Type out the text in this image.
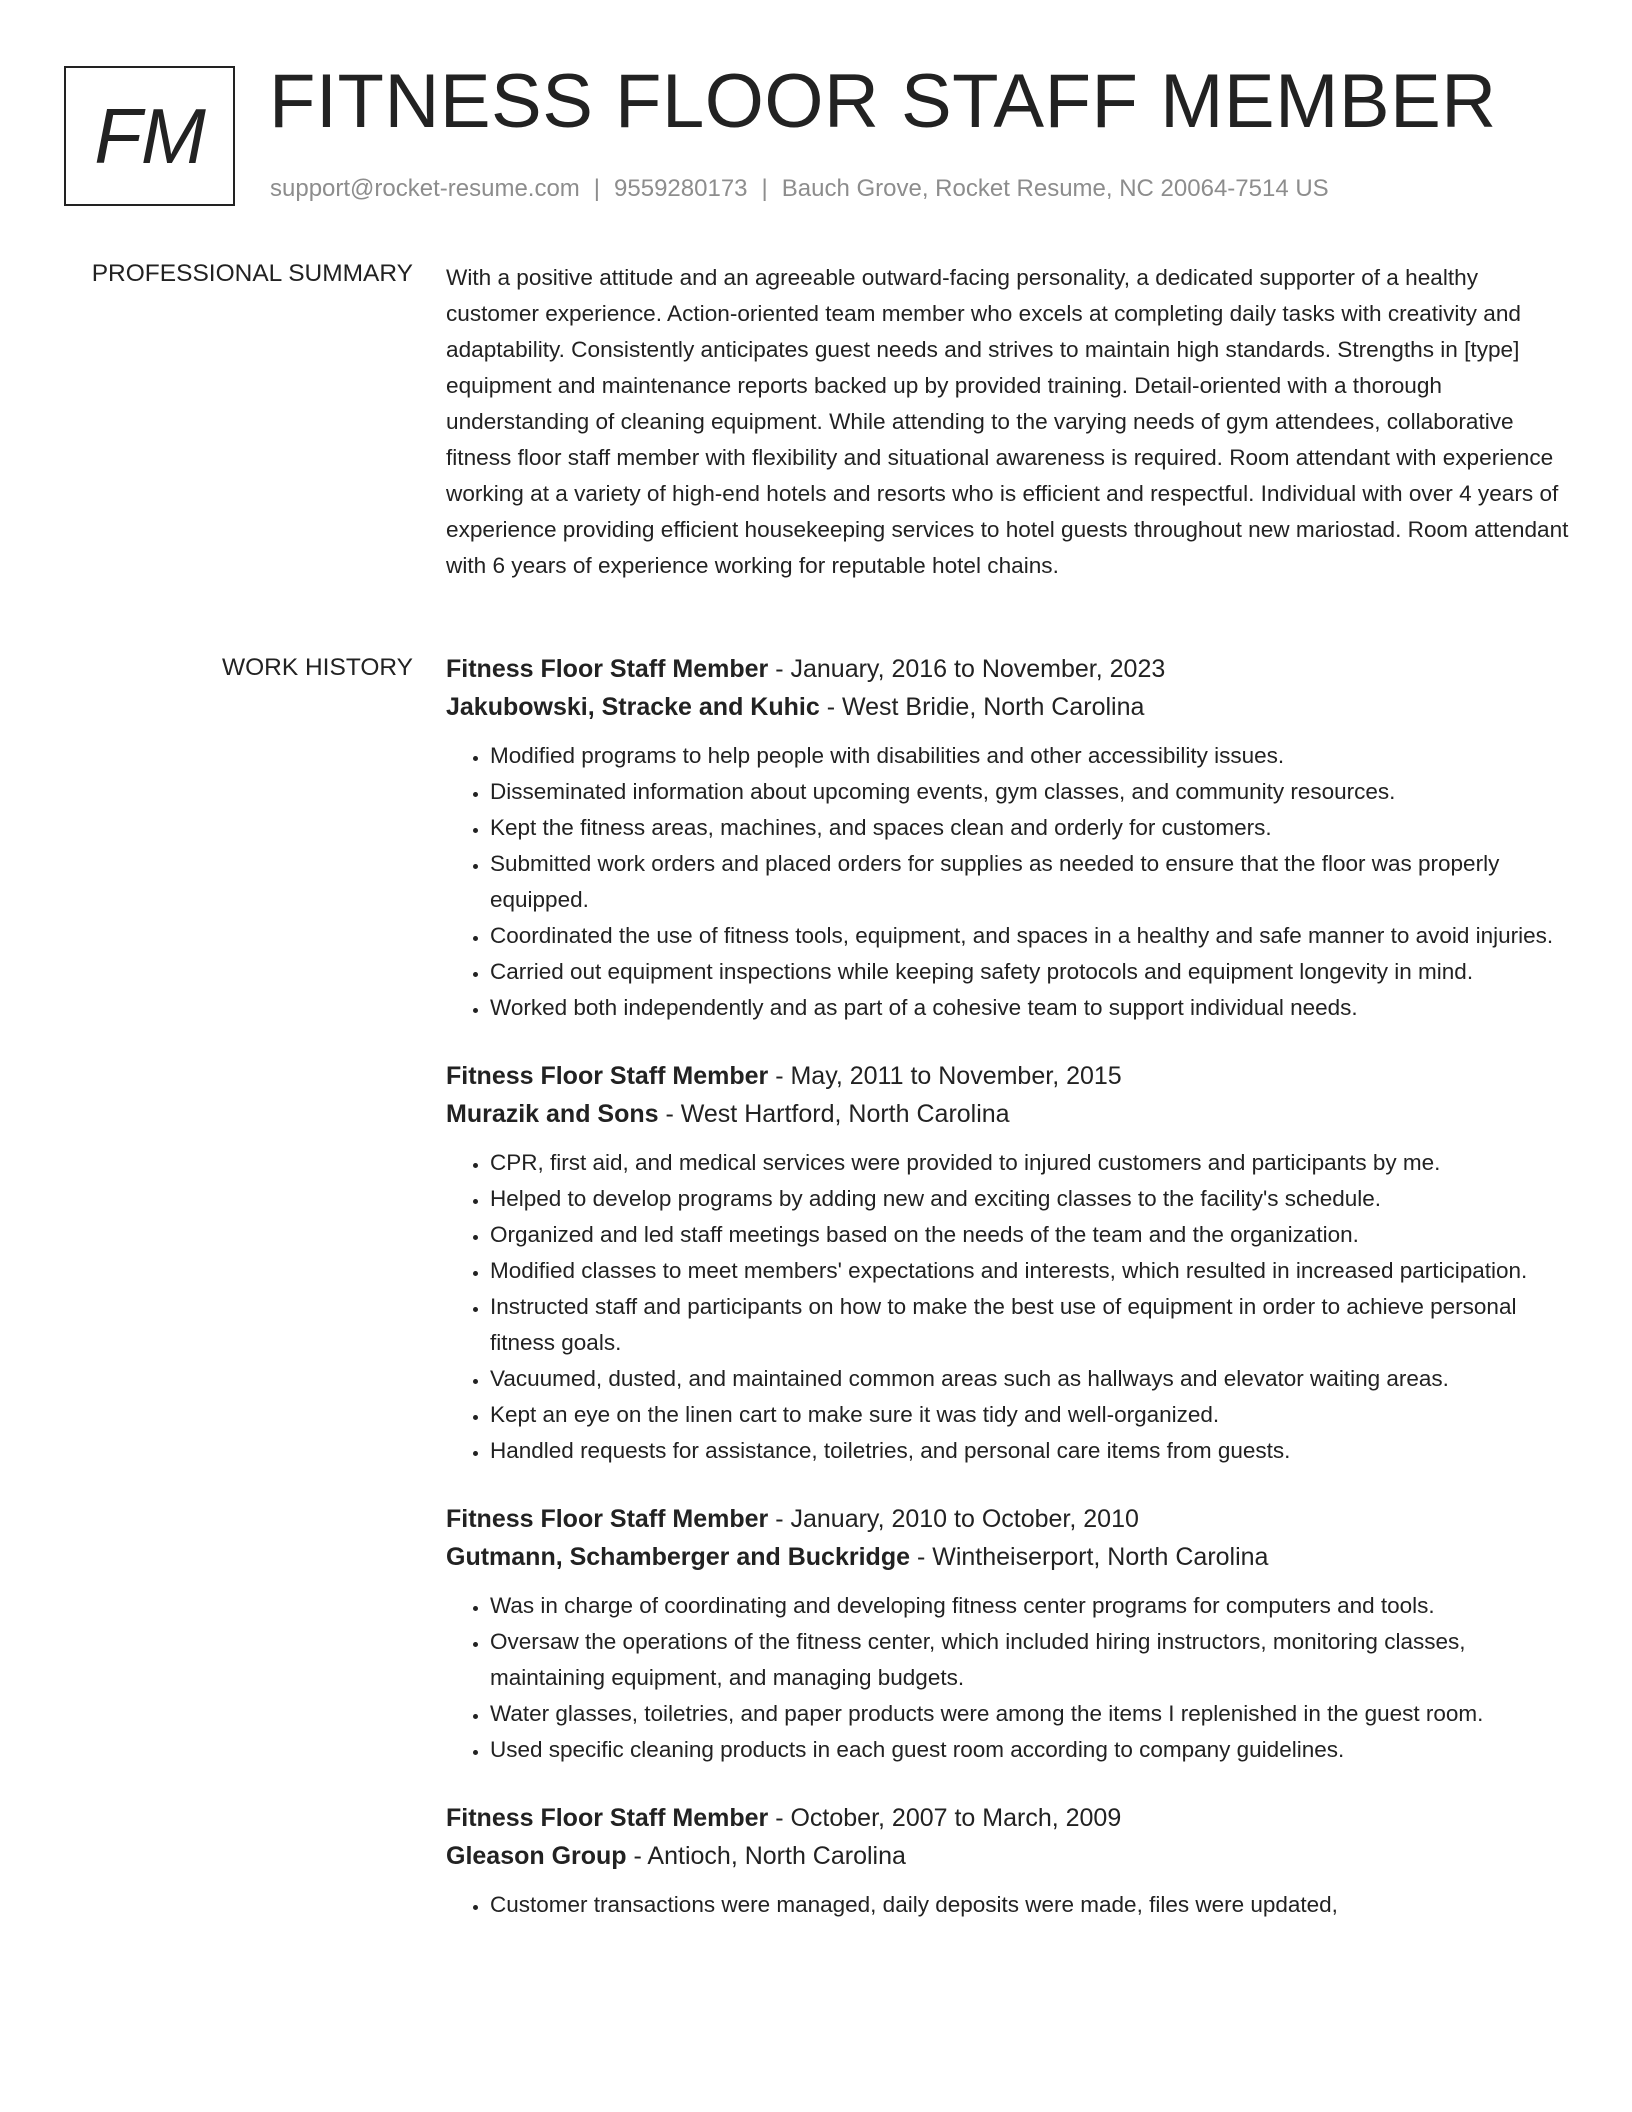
FM FITNESS FLOOR STAFF MEMBER
support@rocket-resume.com | 9559280173 | Bauch Grove, Rocket Resume, NC 20064-7514 US
PROFESSIONAL SUMMARY With a positive attitude and an agreeable outward-facing personality, a dedicated supporter of a healthy customer experience. Action-oriented team member who excels at completing daily tasks with creativity and adaptability. Consistently anticipates guest needs and strives to maintain high standards. Strengths in [type] equipment and maintenance reports backed up by provided training. Detail-oriented with a thorough understanding of cleaning equipment. While attending to the varying needs of gym attendees, collaborative fitness floor staff member with flexibility and situational awareness is required. Room attendant with experience working at a variety of high-end hotels and resorts who is efficient and respectful. Individual with over 4 years of experience providing efficient housekeeping services to hotel guests throughout new mariostad. Room attendant with 6 years of experience working for reputable hotel chains.

WORK HISTORY Fitness Floor Staff Member - January, 2016 to November, 2023
Jakubowski, Stracke and Kuhic - West Bridie, North Carolina
• Modified programs to help people with disabilities and other accessibility issues.
• Disseminated information about upcoming events, gym classes, and community resources.
• Kept the fitness areas, machines, and spaces clean and orderly for customers.
• Submitted work orders and placed orders for supplies as needed to ensure that the floor was properly equipped.
• Coordinated the use of fitness tools, equipment, and spaces in a healthy and safe manner to avoid injuries.
• Carried out equipment inspections while keeping safety protocols and equipment longevity in mind.
• Worked both independently and as part of a cohesive team to support individual needs.
Fitness Floor Staff Member - May, 2011 to November, 2015
Murazik and Sons - West Hartford, North Carolina
• CPR, first aid, and medical services were provided to injured customers and participants by me.
• Helped to develop programs by adding new and exciting classes to the facility's schedule.
• Organized and led staff meetings based on the needs of the team and the organization.
• Modified classes to meet members' expectations and interests, which resulted in increased participation.
• Instructed staff and participants on how to make the best use of equipment in order to achieve personal fitness goals.
• Vacuumed, dusted, and maintained common areas such as hallways and elevator waiting areas.
• Kept an eye on the linen cart to make sure it was tidy and well-organized.
• Handled requests for assistance, toiletries, and personal care items from guests.
Fitness Floor Staff Member - January, 2010 to October, 2010
Gutmann, Schamberger and Buckridge - Wintheiserport, North Carolina
• Was in charge of coordinating and developing fitness center programs for computers and tools.
• Oversaw the operations of the fitness center, which included hiring instructors, monitoring classes, maintaining equipment, and managing budgets.
• Water glasses, toiletries, and paper products were among the items I replenished in the guest room.
• Used specific cleaning products in each guest room according to company guidelines.
Fitness Floor Staff Member - October, 2007 to March, 2009
Gleason Group - Antioch, North Carolina
• Customer transactions were managed, daily deposits were made, files were updated,
